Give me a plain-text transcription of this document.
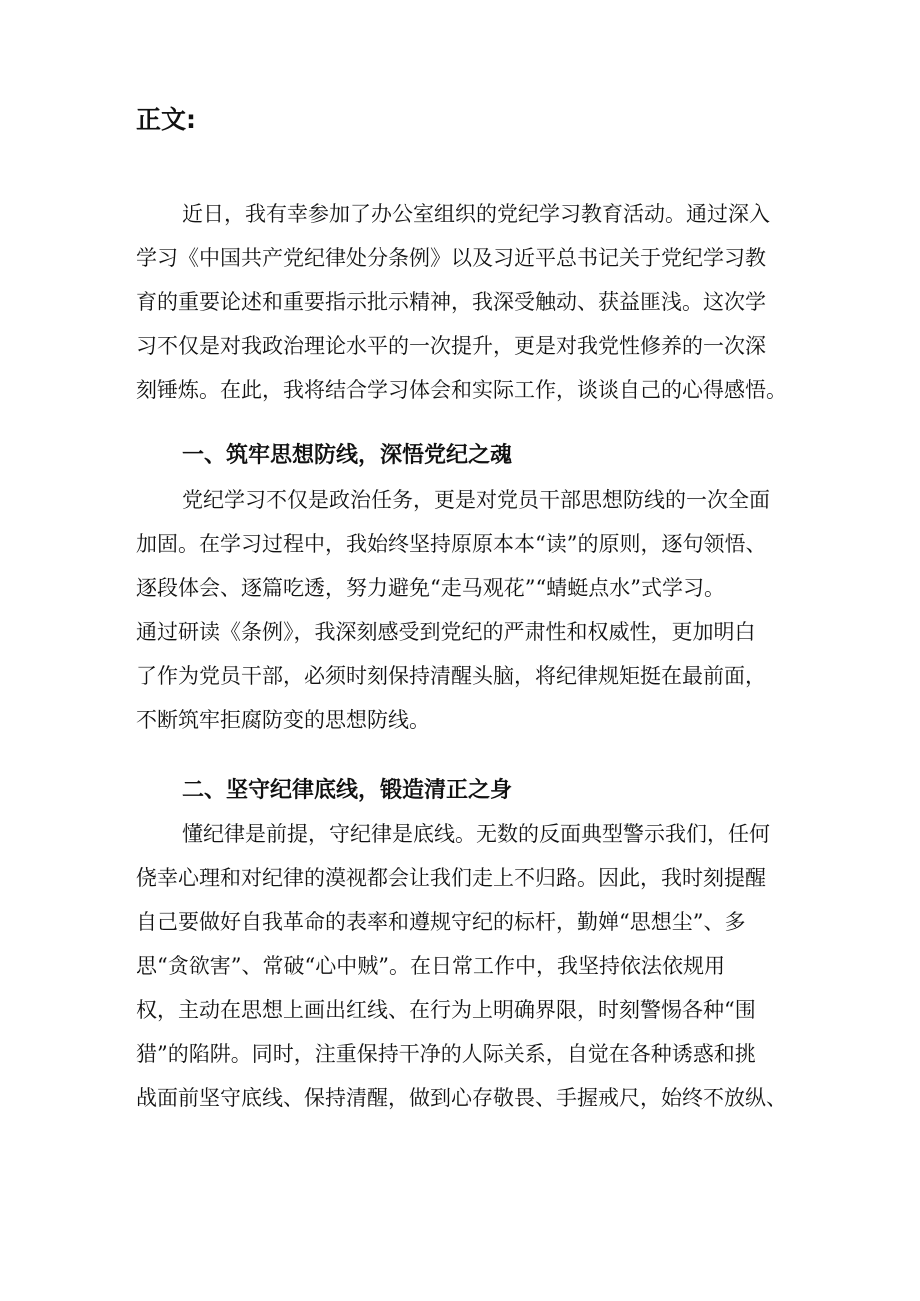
正文:
近日，我有幸参加了办公室组织的党纪学习教育活动。通过深入
学习《中国共产党纪律处分条例》以及习近平总书记关于党纪学习教
育的重要论述和重要指示批示精神，我深受触动、获益匪浅。这次学
习不仅是对我政治理论水平的一次提升，更是对我党性修养的一次深
刻锤炼。在此，我将结合学习体会和实际工作，谈谈自己的心得感悟。
一、筑牢思想防线，深悟党纪之魂
党纪学习不仅是政治任务，更是对党员干部思想防线的一次全面
加固。在学习过程中，我始终坚持原原本本“读”的原则，逐句领悟、
逐段体会、逐篇吃透，努力避免“走马观花”“蜻蜓点水”式学习。
通过研读《条例》，我深刻感受到党纪的严肃性和权威性，更加明白
了作为党员干部，必须时刻保持清醒头脑，将纪律规矩挺在最前面，
不断筑牢拒腐防变的思想防线。
二、坚守纪律底线，锻造清正之身
懂纪律是前提，守纪律是底线。无数的反面典型警示我们，任何
侥幸心理和对纪律的漠视都会让我们走上不归路。因此，我时刻提醒
自己要做好自我革命的表率和遵规守纪的标杆，勤婵“思想尘”、多
思“贪欲害”、常破“心中贼”。在日常工作中，我坚持依法依规用
权，主动在思想上画出红线、在行为上明确界限，时刻警惕各种“围
猎”的陷阱。同时，注重保持干净的人际关系，自觉在各种诱惑和挑
战面前坚守底线、保持清醒，做到心存敬畏、手握戒尺，始终不放纵、
